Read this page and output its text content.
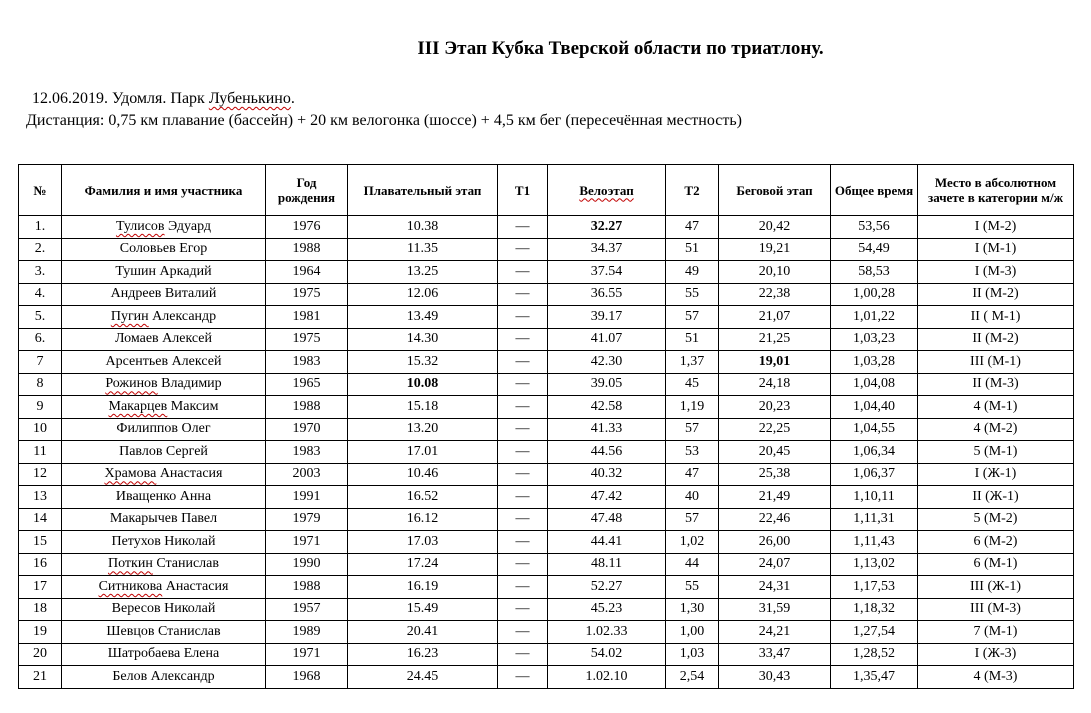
III Этап Кубка Тверской области по триатлону.
12.06.2019. Удомля. Парк Лубенькино.
Дистанция: 0,75 км плавание (бассейн) + 20 км велогонка (шоссе) + 4,5 км бег (пересечённая местность)
№	Фамилия и имя участника	Год рождения	Плавательный этап	Т1	Велоэтап	Т2	Беговой этап	Общее время	Место в абсолютном зачете в категории м/ж
1.	Тулисов Эдуард	1976	10.38	—	32.27	47	20,42	53,56	I (М-2)
2.	Соловьев Егор	1988	11.35	—	34.37	51	19,21	54,49	I (М-1)
3.	Тушин Аркадий	1964	13.25	—	37.54	49	20,10	58,53	I (М-3)
4.	Андреев Виталий	1975	12.06	—	36.55	55	22,38	1,00,28	II (М-2)
5.	Пугин Александр	1981	13.49	—	39.17	57	21,07	1,01,22	II ( М-1)
6.	Ломаев Алексей	1975	14.30	—	41.07	51	21,25	1,03,23	II (М-2)
7	Арсентьев Алексей	1983	15.32	—	42.30	1,37	19,01	1,03,28	III (М-1)
8	Рожинов Владимир	1965	10.08	—	39.05	45	24,18	1,04,08	II (М-3)
9	Макарцев Максим	1988	15.18	—	42.58	1,19	20,23	1,04,40	4 (М-1)
10	Филиппов Олег	1970	13.20	—	41.33	57	22,25	1,04,55	4 (М-2)
11	Павлов Сергей	1983	17.01	—	44.56	53	20,45	1,06,34	5 (М-1)
12	Храмова Анастасия	2003	10.46	—	40.32	47	25,38	1,06,37	I (Ж-1)
13	Иващенко Анна	1991	16.52	—	47.42	40	21,49	1,10,11	II (Ж-1)
14	Макарычев Павел	1979	16.12	—	47.48	57	22,46	1,11,31	5 (М-2)
15	Петухов Николай	1971	17.03	—	44.41	1,02	26,00	1,11,43	6 (М-2)
16	Поткин Станислав	1990	17.24	—	48.11	44	24,07	1,13,02	6 (М-1)
17	Ситникова Анастасия	1988	16.19	—	52.27	55	24,31	1,17,53	III (Ж-1)
18	Вересов Николай	1957	15.49	—	45.23	1,30	31,59	1,18,32	III (М-3)
19	Шевцов Станислав	1989	20.41	—	1.02.33	1,00	24,21	1,27,54	7 (М-1)
20	Шатробаева Елена	1971	16.23	—	54.02	1,03	33,47	1,28,52	I (Ж-3)
21	Белов Александр	1968	24.45	—	1.02.10	2,54	30,43	1,35,47	4 (М-3)
